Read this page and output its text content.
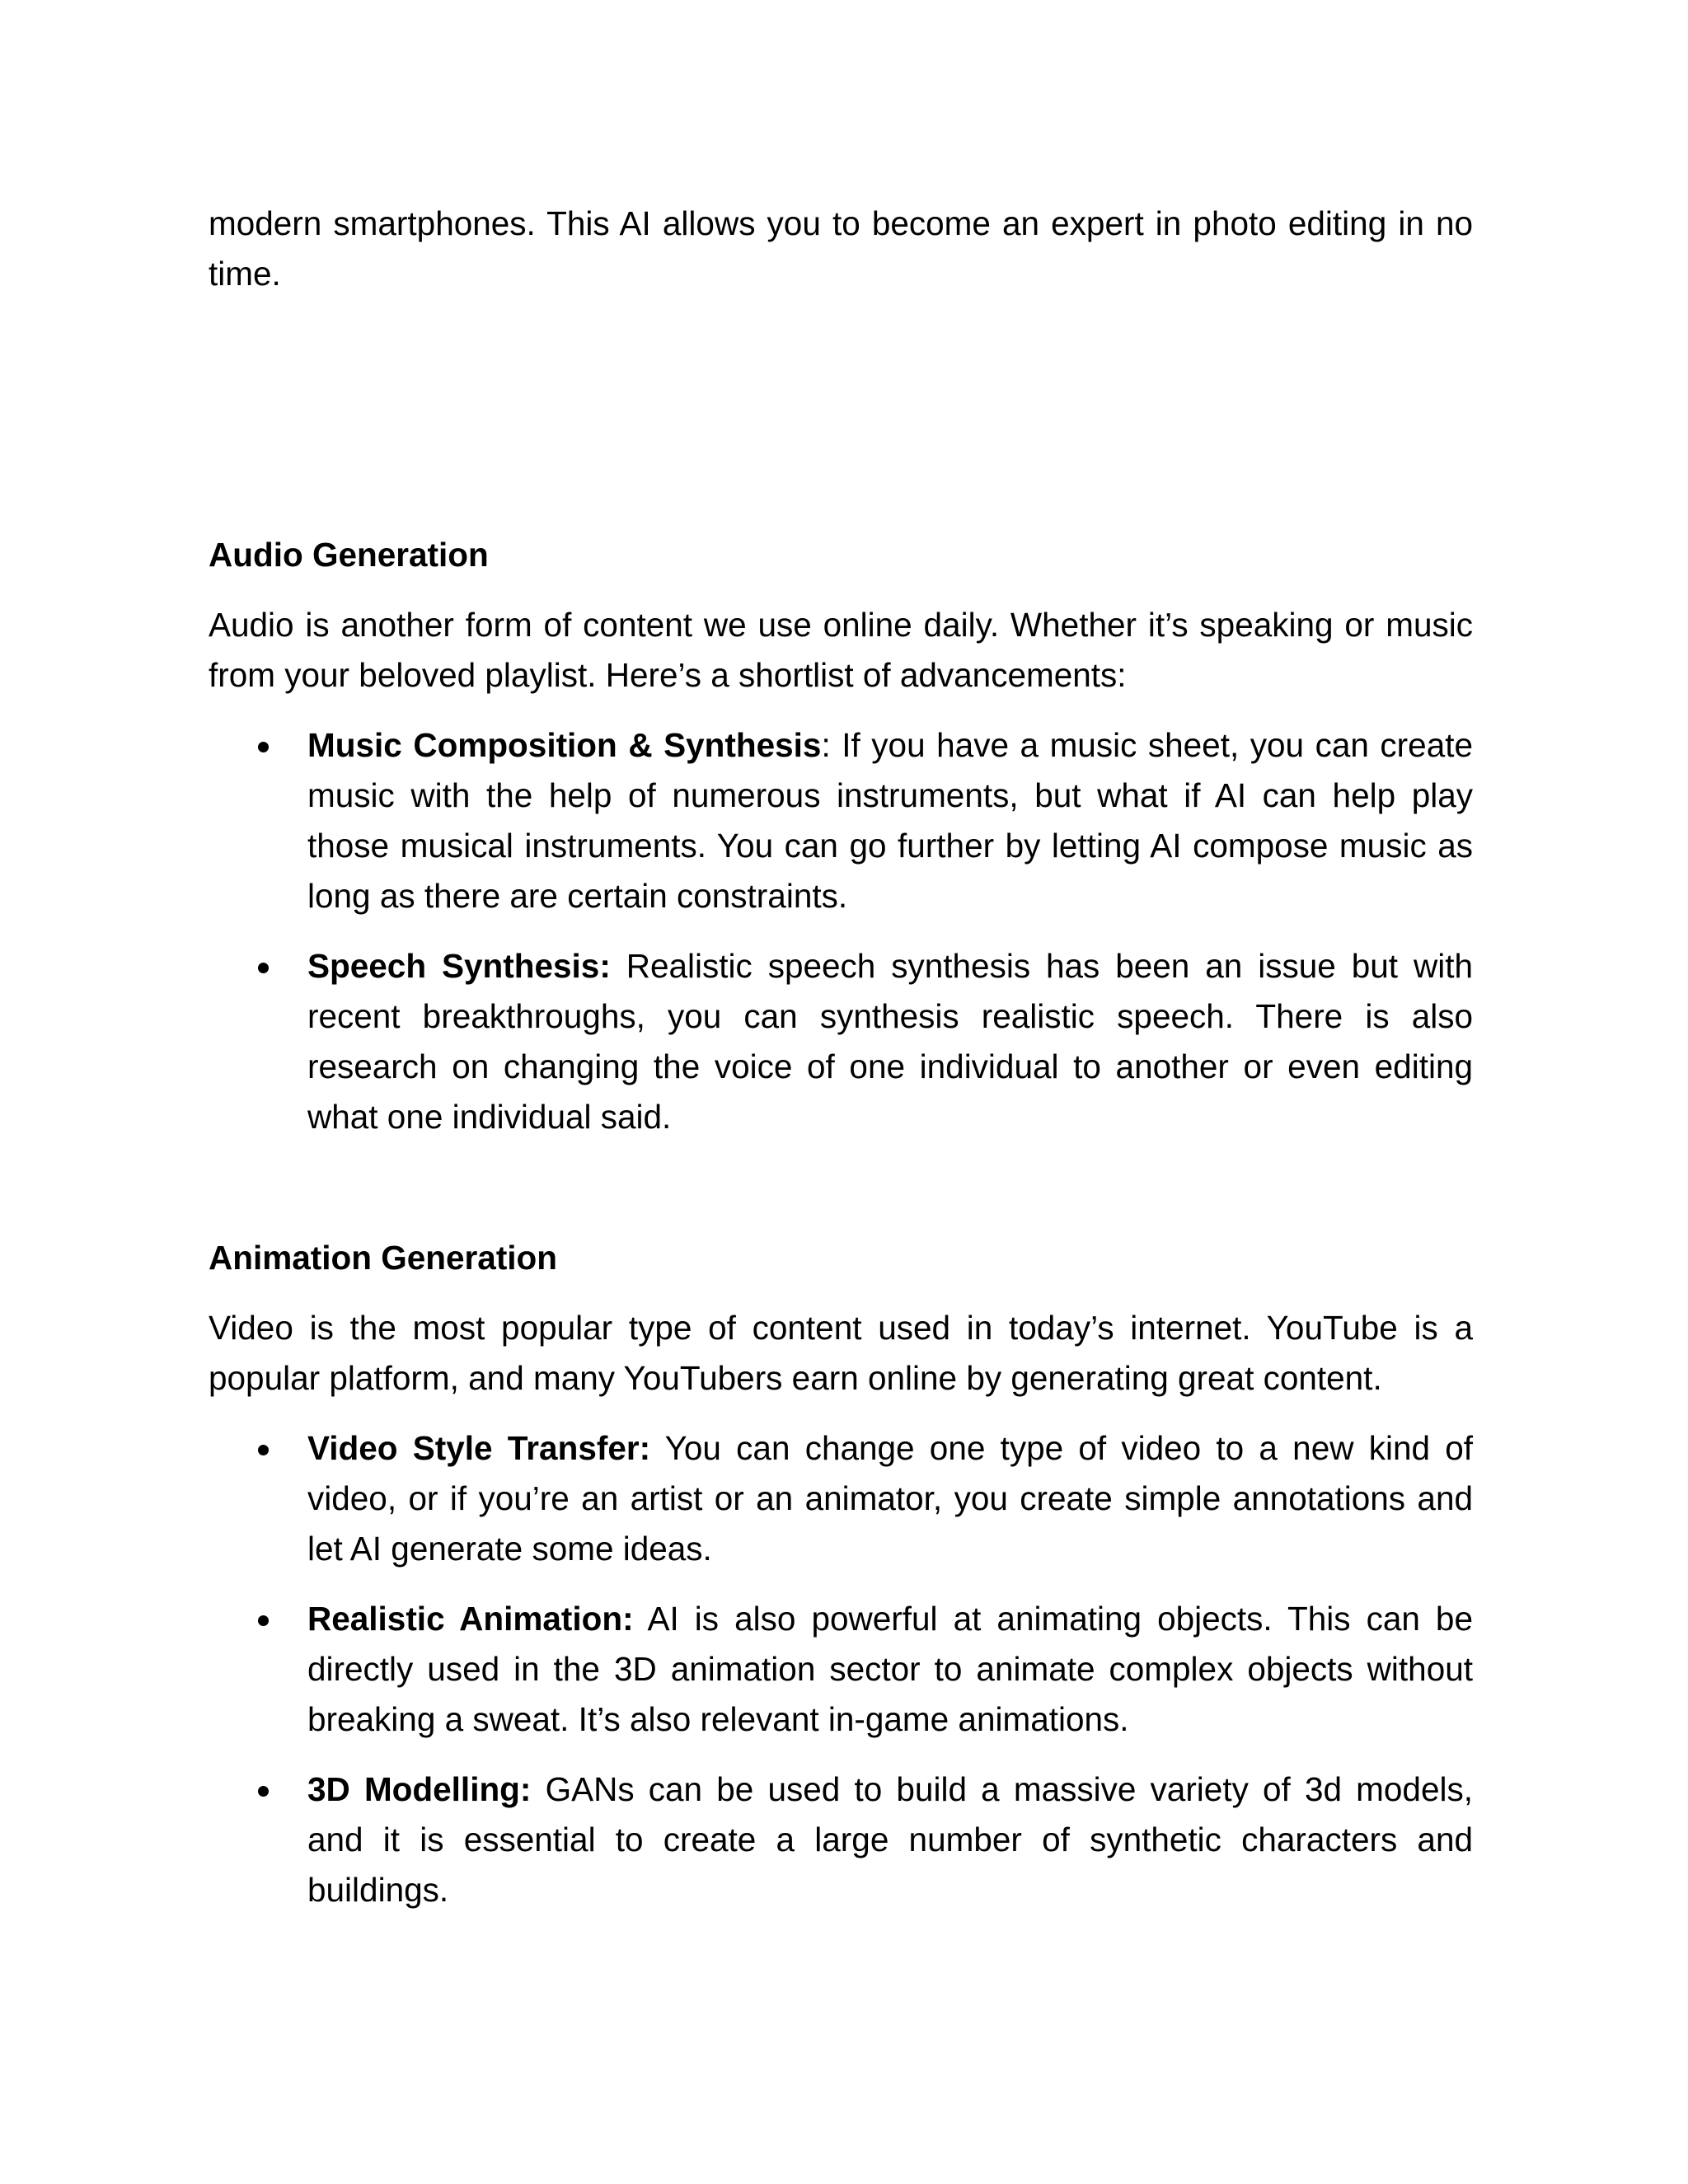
modern smartphones. This AI allows you to become an expert in photo editing in no time.

Audio Generation

Audio is another form of content we use online daily. Whether it’s speaking or music from your beloved playlist. Here’s a shortlist of advancements:

Music Composition & Synthesis: If you have a music sheet, you can create music with the help of numerous instruments, but what if AI can help play those musical instruments. You can go further by letting AI compose music as long as there are certain constraints.
Speech Synthesis: Realistic speech synthesis has been an issue but with recent breakthroughs, you can synthesis realistic speech. There is also research on changing the voice of one individual to another or even editing what one individual said.
Animation Generation

Video is the most popular type of content used in today’s internet. YouTube is a popular platform, and many YouTubers earn online by generating great content.

Video Style Transfer: You can change one type of video to a new kind of video, or if you’re an artist or an animator, you create simple annotations and let AI generate some ideas.
Realistic Animation: AI is also powerful at animating objects. This can be directly used in the 3D animation sector to animate complex objects without breaking a sweat. It’s also relevant in-game animations.
3D Modelling: GANs can be used to build a massive variety of 3d models, and it is essential to create a large number of synthetic characters and buildings.
